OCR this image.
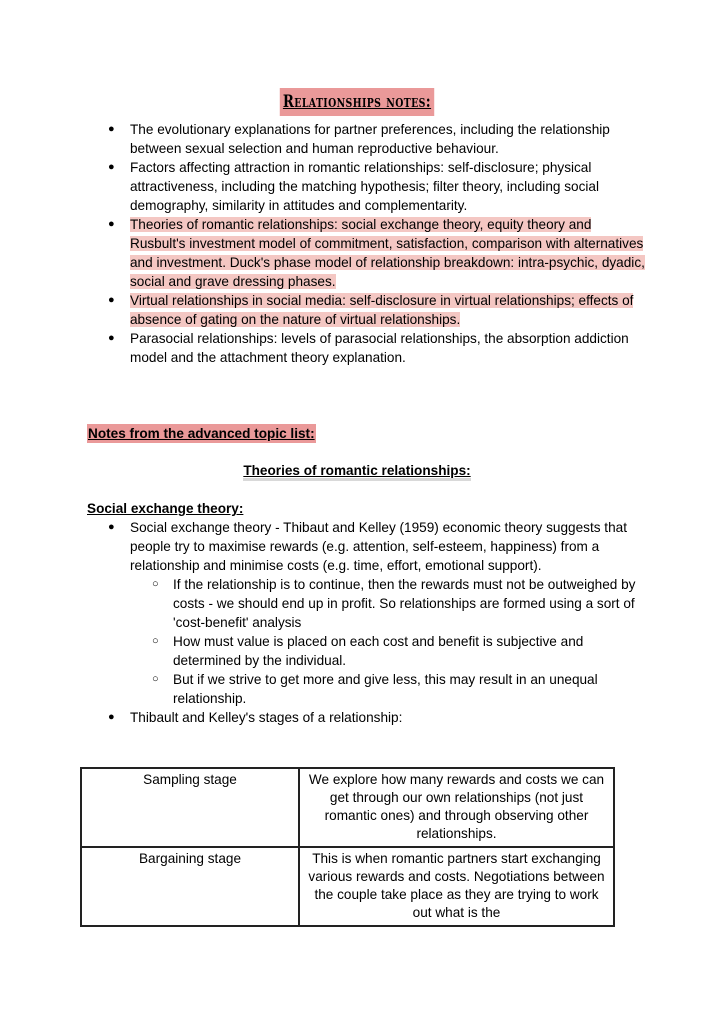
Relationships notes:
● The evolutionary explanations for partner preferences, including the relationship between sexual selection and human reproductive behaviour.
● Factors affecting attraction in romantic relationships: self-disclosure; physical attractiveness, including the matching hypothesis; filter theory, including social demography, similarity in attitudes and complementarity.
● Theories of romantic relationships: social exchange theory, equity theory and Rusbult's investment model of commitment, satisfaction, comparison with alternatives and investment. Duck's phase model of relationship breakdown: intra-psychic, dyadic, social and grave dressing phases.
● Virtual relationships in social media: self-disclosure in virtual relationships; effects of absence of gating on the nature of virtual relationships.
● Parasocial relationships: levels of parasocial relationships, the absorption addiction model and the attachment theory explanation.
Notes from the advanced topic list:
Theories of romantic relationships:
Social exchange theory:
● Social exchange theory - Thibaut and Kelley (1959) economic theory suggests that people try to maximise rewards (e.g. attention, self-esteem, happiness) from a relationship and minimise costs (e.g. time, effort, emotional support).
○ If the relationship is to continue, then the rewards must not be outweighed by costs - we should end up in profit. So relationships are formed using a sort of 'cost-benefit' analysis
○ How must value is placed on each cost and benefit is subjective and determined by the individual.
○ But if we strive to get more and give less, this may result in an unequal relationship.
● Thibault and Kelley's stages of a relationship:
Sampling stage	We explore how many rewards and costs we can get through our own relationships (not just romantic ones) and through observing other relationships.
Bargaining stage	This is when romantic partners start exchanging various rewards and costs. Negotiations between the couple take place as they are trying to work out what is the
